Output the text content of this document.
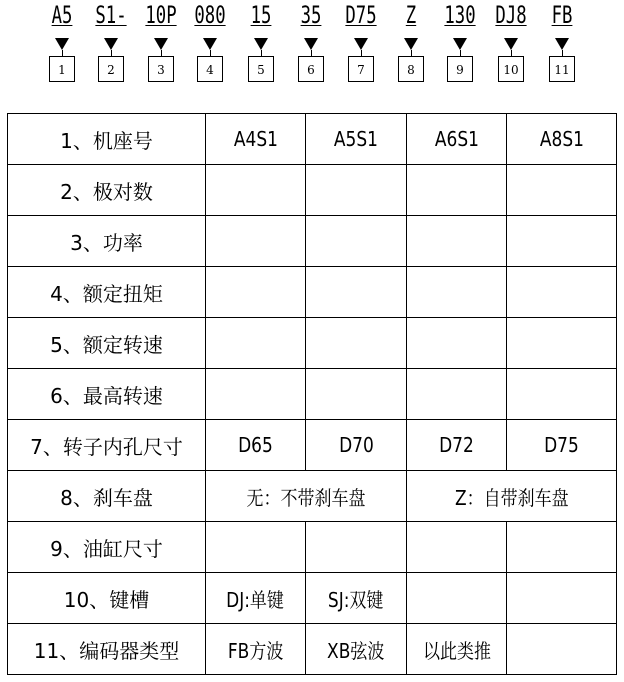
A5
1
S1-
2
10P
3
080
4
15
5
35
6
D75
7
Z
8
130
9
DJ8
10
FB
11
1、机座号	A4S1	A5S1	A6S1	A8S1
2、极对数				
3、功率				
4、额定扭矩				
5、额定转速				
6、最高转速				
7、转子内孔尺寸	D65	D70	D72	D75
8、刹车盘	无：不带刹车盘		Z：自带刹车盘	
9、油缸尺寸				
10、键槽	DJ:单键	SJ:双键		
11、编码器类型	FB方波	XB弦波	以此类推	
